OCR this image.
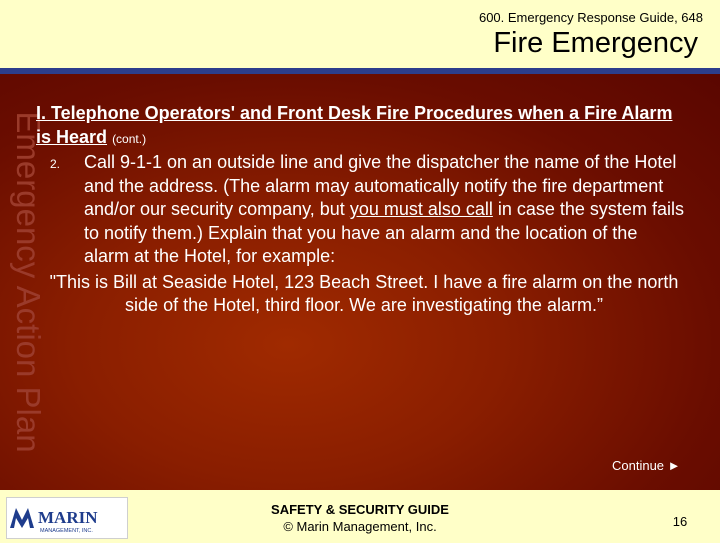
600. Emergency Response Guide, 648
Fire Emergency
Emergency Action Plan
I. Telephone Operators' and Front Desk Fire Procedures when a Fire Alarm is Heard (cont.)
2.	Call 9-1-1 on an outside line and give the dispatcher the name of the Hotel and the address. (The alarm may automatically notify the fire department and/or our security company, but you must also call in case the system fails to notify them.) Explain that you have an alarm and the location of the alarm at the Hotel, for example:
"This is Bill at Seaside Hotel, 123 Beach Street. I have a fire alarm on the north side of the Hotel, third floor. We are investigating the alarm.”
Continue ►
MARIN
MANAGEMENT, INC.
SAFETY & SECURITY GUIDE
© Marin Management, Inc.	16
